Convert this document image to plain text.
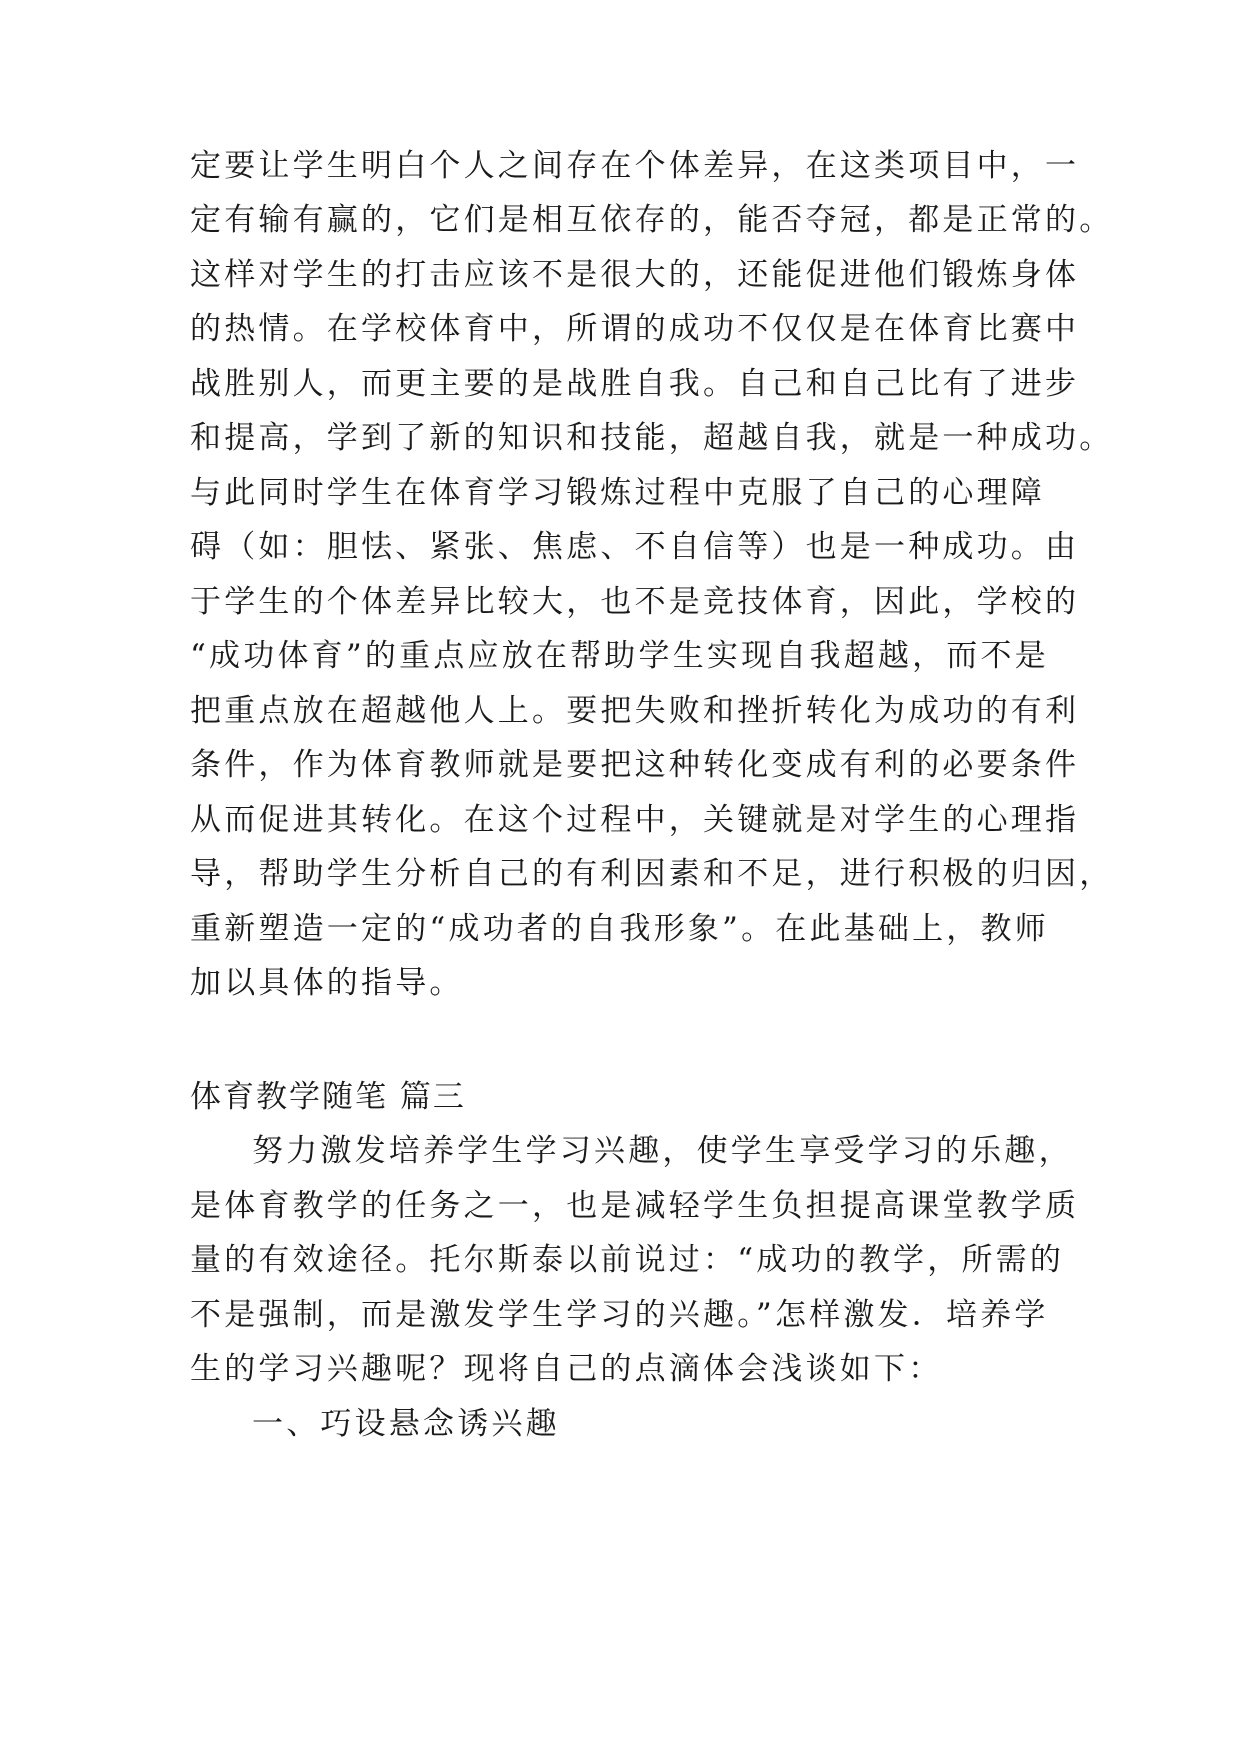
定要让学生明白个人之间存在个体差异，在这类项目中，一
定有输有赢的，它们是相互依存的，能否夺冠，都是正常的。
这样对学生的打击应该不是很大的，还能促进他们锻炼身体
的热情。在学校体育中，所谓的成功不仅仅是在体育比赛中
战胜别人，而更主要的是战胜自我。自己和自己比有了进步
和提高，学到了新的知识和技能，超越自我，就是一种成功。
与此同时学生在体育学习锻炼过程中克服了自己的心理障
碍（如：胆怯、紧张、焦虑、不自信等）也是一种成功。由
于学生的个体差异比较大，也不是竞技体育，因此，学校的
“成功体育”的重点应放在帮助学生实现自我超越，而不是
把重点放在超越他人上。要把失败和挫折转化为成功的有利
条件，作为体育教师就是要把这种转化变成有利的必要条件
从而促进其转化。在这个过程中，关键就是对学生的心理指
导，帮助学生分析自己的有利因素和不足，进行积极的归因，
重新塑造一定的“成功者的自我形象”。在此基础上，教师
加以具体的指导。
体育教学随笔 篇三
努力激发培养学生学习兴趣，使学生享受学习的乐趣，
是体育教学的任务之一，也是减轻学生负担提高课堂教学质
量的有效途径。托尔斯泰以前说过：“成功的教学，所需的
不是强制，而是激发学生学习的兴趣。”怎样激发．培养学
生的学习兴趣呢？现将自己的点滴体会浅谈如下：
一、巧设悬念诱兴趣
